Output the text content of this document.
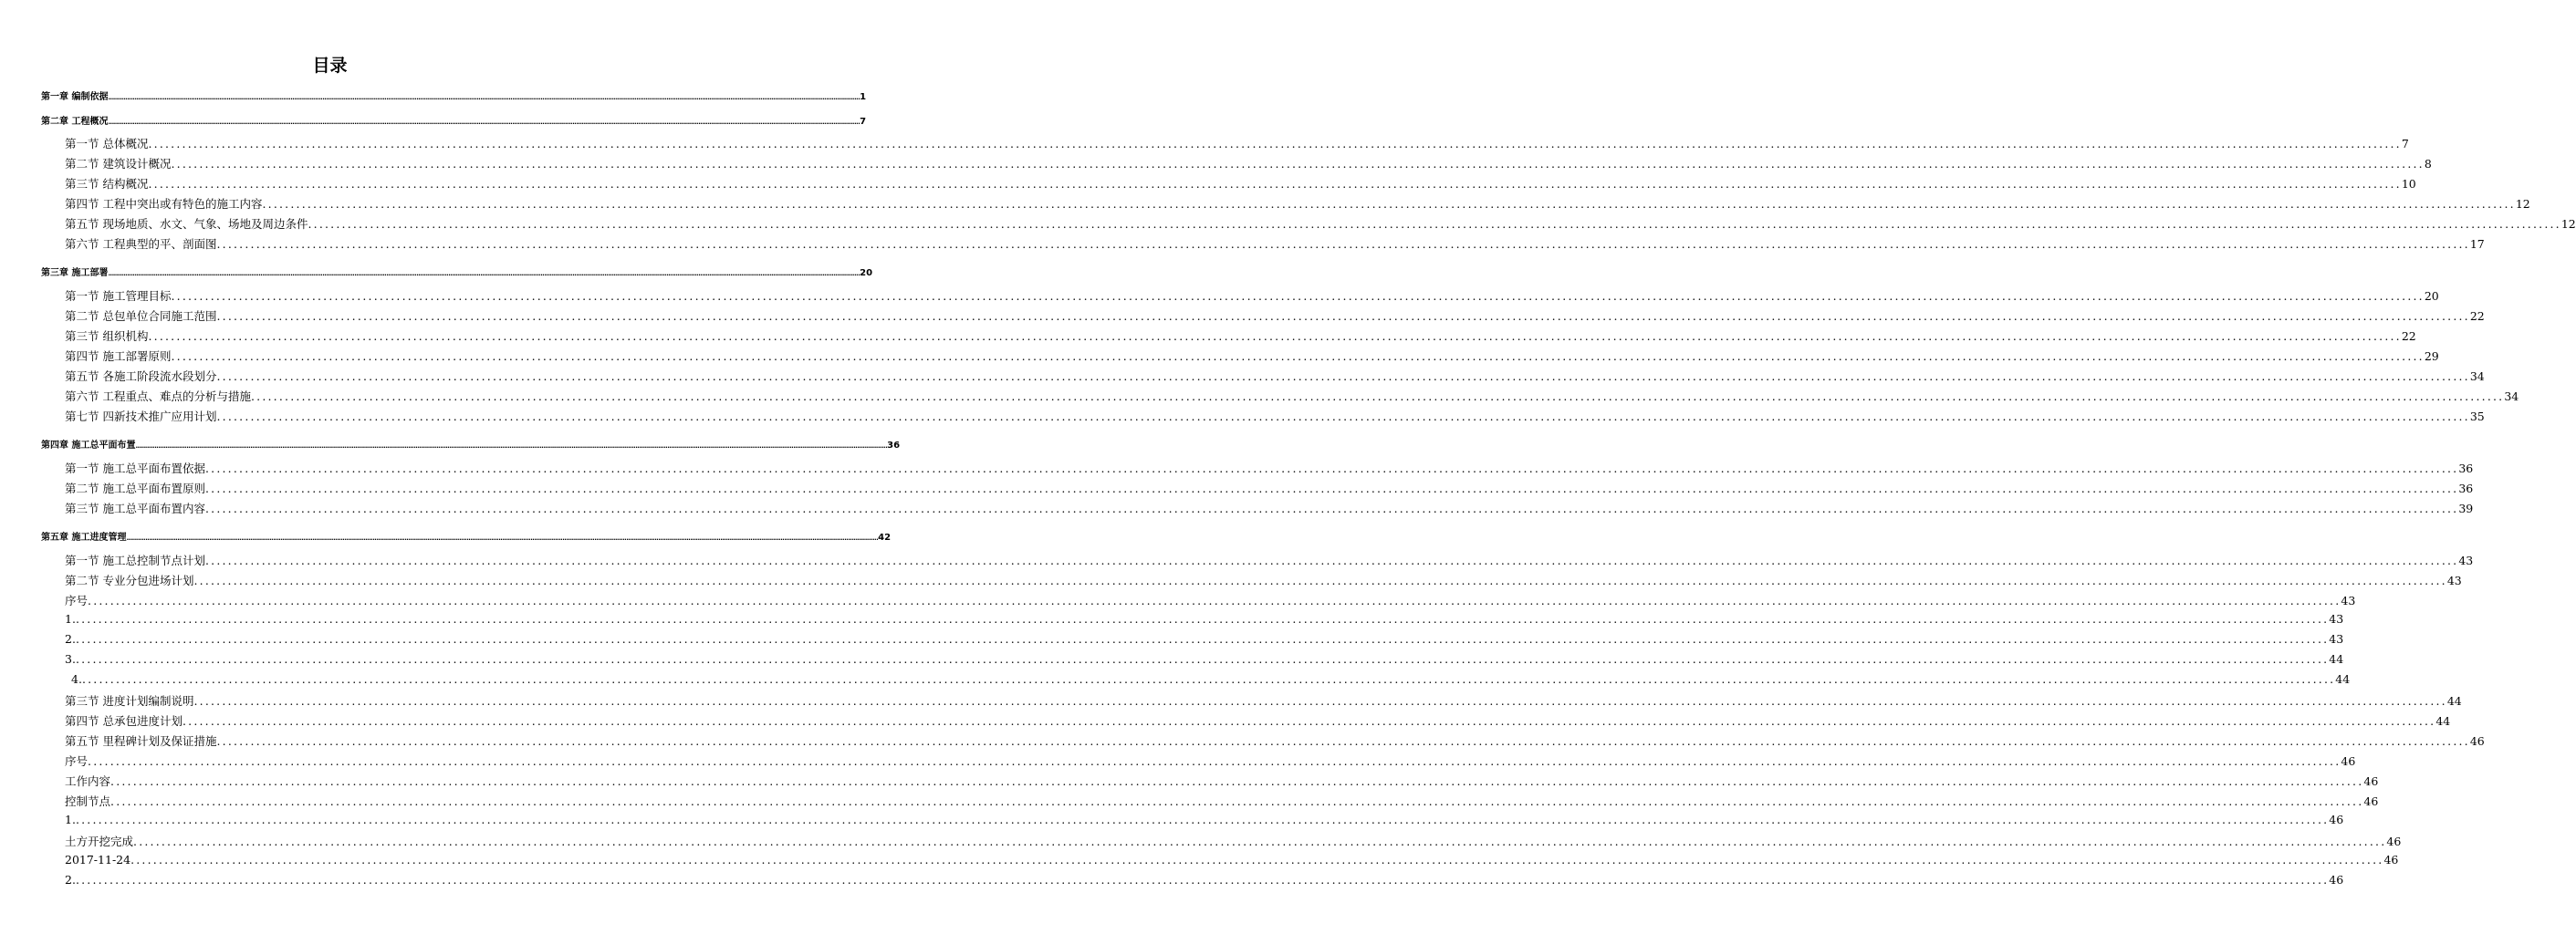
目录
第一章 编制依据 ................................................................................................................................................................................................................................................................................................................................................................................................................ 1
第二章 工程概况 ................................................................................................................................................................................................................................................................................................................................................................................................................ 7
第一节 总体概况 ................................................................................................................................................................................................................................................................................................................................................................................................................ 7
第二节 建筑设计概况 ................................................................................................................................................................................................................................................................................................................................................................................................................ 8
第三节 结构概况 ................................................................................................................................................................................................................................................................................................................................................................................................................ 10
第四节 工程中突出或有特色的施工内容 ................................................................................................................................................................................................................................................................................................................................................................................................................ 12
第五节 现场地质、水文、气象、场地及周边条件 ................................................................................................................................................................................................................................................................................................................................................................................................................ 12
第六节 工程典型的平、剖面图 ................................................................................................................................................................................................................................................................................................................................................................................................................ 17
第三章 施工部署 ................................................................................................................................................................................................................................................................................................................................................................................................................ 20
第一节 施工管理目标 ................................................................................................................................................................................................................................................................................................................................................................................................................ 20
第二节 总包单位合同施工范围 ................................................................................................................................................................................................................................................................................................................................................................................................................ 22
第三节 组织机构 ................................................................................................................................................................................................................................................................................................................................................................................................................ 22
第四节 施工部署原则 ................................................................................................................................................................................................................................................................................................................................................................................................................ 29
第五节 各施工阶段流水段划分 ................................................................................................................................................................................................................................................................................................................................................................................................................ 34
第六节 工程重点、难点的分析与措施 ................................................................................................................................................................................................................................................................................................................................................................................................................ 34
第七节 四新技术推广应用计划 ................................................................................................................................................................................................................................................................................................................................................................................................................ 35
第四章 施工总平面布置 ................................................................................................................................................................................................................................................................................................................................................................................................................ 36
第一节 施工总平面布置依据 ................................................................................................................................................................................................................................................................................................................................................................................................................ 36
第二节 施工总平面布置原则 ................................................................................................................................................................................................................................................................................................................................................................................................................ 36
第三节 施工总平面布置内容 ................................................................................................................................................................................................................................................................................................................................................................................................................ 39
第五章 施工进度管理 ................................................................................................................................................................................................................................................................................................................................................................................................................ 42
第一节 施工总控制节点计划 ................................................................................................................................................................................................................................................................................................................................................................................................................ 43
第二节 专业分包进场计划 ................................................................................................................................................................................................................................................................................................................................................................................................................ 43
序号 ................................................................................................................................................................................................................................................................................................................................................................................................................ 43
1. ................................................................................................................................................................................................................................................................................................................................................................................................................ 43
2. ................................................................................................................................................................................................................................................................................................................................................................................................................ 43
3. ................................................................................................................................................................................................................................................................................................................................................................................................................ 44
4. ................................................................................................................................................................................................................................................................................................................................................................................................................ 44
第三节 进度计划编制说明 ................................................................................................................................................................................................................................................................................................................................................................................................................ 44
第四节 总承包进度计划 ................................................................................................................................................................................................................................................................................................................................................................................................................ 44
第五节 里程碑计划及保证措施 ................................................................................................................................................................................................................................................................................................................................................................................................................ 46
序号 ................................................................................................................................................................................................................................................................................................................................................................................................................ 46
工作内容 ................................................................................................................................................................................................................................................................................................................................................................................................................ 46
控制节点 ................................................................................................................................................................................................................................................................................................................................................................................................................ 46
1. ................................................................................................................................................................................................................................................................................................................................................................................................................ 46
土方开挖完成 ................................................................................................................................................................................................................................................................................................................................................................................................................ 46
2017-11-24 ................................................................................................................................................................................................................................................................................................................................................................................................................ 46
2. ................................................................................................................................................................................................................................................................................................................................................................................................................ 46
